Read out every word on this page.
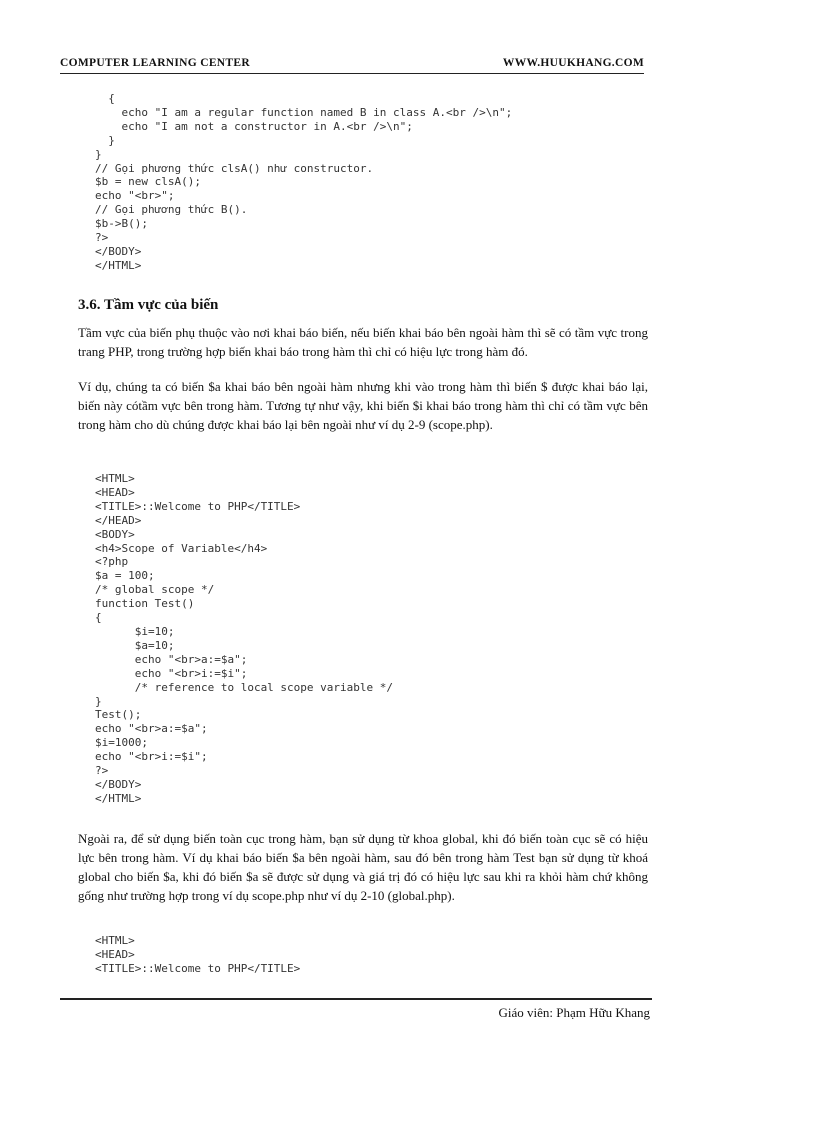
COMPUTER LEARNING CENTER	WWW.HUUKHANG.COM
{
echo "I am a regular function named B in class A.<br />\n";
echo "I am not a constructor in A.<br />\n";
}
}
// Gọi phương thức clsA() như constructor.
$b = new clsA();
echo "<br>";
// Gọi phương thức B().
$b->B();
?>
</BODY>
</HTML>
3.6. Tầm vực của biến

Tầm vực của biến phụ thuộc vào nơi khai báo biến, nếu biến khai báo bên ngoài hàm thì sẽ có tầm vực trong trang PHP, trong trường hợp biến khai báo trong hàm thì chỉ có hiệu lực trong hàm đó.

Ví dụ, chúng ta có biến $a khai báo bên ngoài hàm nhưng khi vào trong hàm thì biến $ được khai báo lại, biến này cótầm vực bên trong hàm. Tương tự như vậy, khi biến $i khai báo trong hàm thì chỉ có tầm vực bên trong hàm cho dù chúng được khai báo lại bên ngoài như ví dụ 2-9 (scope.php).

<HTML>
<HEAD>
<TITLE>::Welcome to PHP</TITLE>
</HEAD>
<BODY>
<h4>Scope of Variable</h4>
<?php
$a = 100;
/* global scope */
function Test()
{
$i=10;
$a=10;
echo "<br>a:=$a";
echo "<br>i:=$i";
/* reference to local scope variable */
}
Test();
echo "<br>a:=$a";
$i=1000;
echo "<br>i:=$i";
?>
</BODY>
</HTML>

Ngoài ra, để sử dụng biến toàn cục trong hàm, bạn sử dụng từ khoa global, khi đó biến toàn cục sẽ có hiệu lực bên trong hàm. Ví dụ khai báo biến $a bên ngoài hàm, sau đó bên trong hàm Test bạn sử dụng từ khoá global cho biến $a, khi đó biến $a sẽ được sử dụng và giá trị đó có hiệu lực sau khi ra khỏi hàm chứ không gống như trường hợp trong ví dụ scope.php như ví dụ 2-10 (global.php).

<HTML>
<HEAD>
<TITLE>::Welcome to PHP</TITLE>
Giáo viên: Phạm Hữu Khang
